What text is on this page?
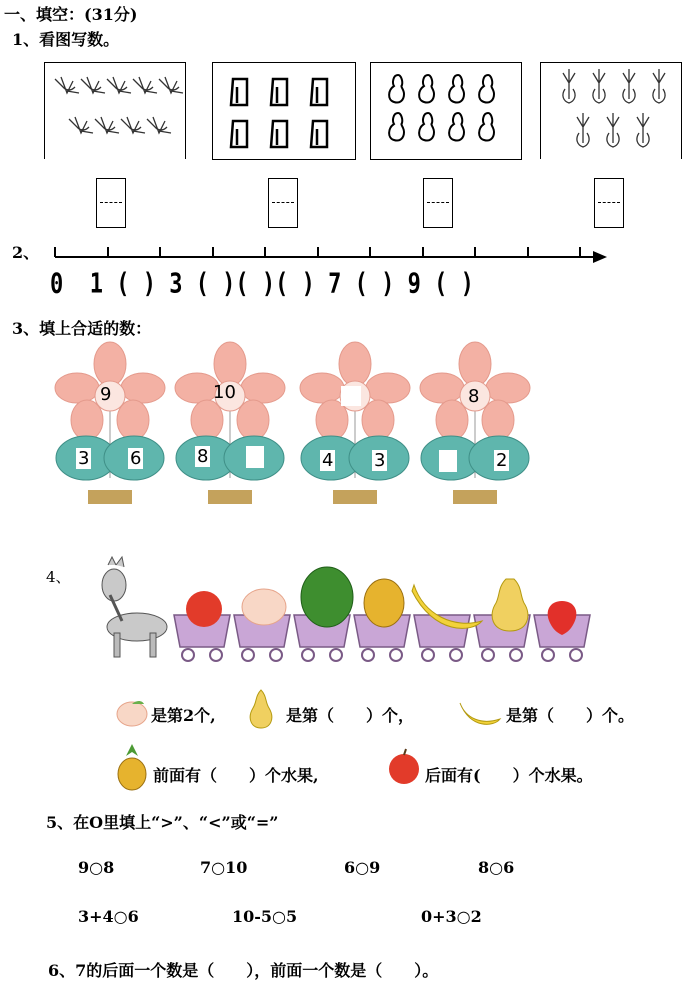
一、填空：(31分)
1、看图写数。
2、
0  1 ( ) 3 ( )( )( ) 7 ( ) 9 ( )
3、填上合适的数：
9
3 6
10
8	4 3
8
2
4、
是第2个,	是第（　　）个，	是第（　　）个。
前面有（　　）个水果,	后面有(　　）个水果。
5、在O里填上“>”、“<”或“=”
9○8	7○10	6○9	8○6
3+4○6	10-5○5	0+3○2
6、7的后面一个数是（　　），前面一个数是（　　）。
